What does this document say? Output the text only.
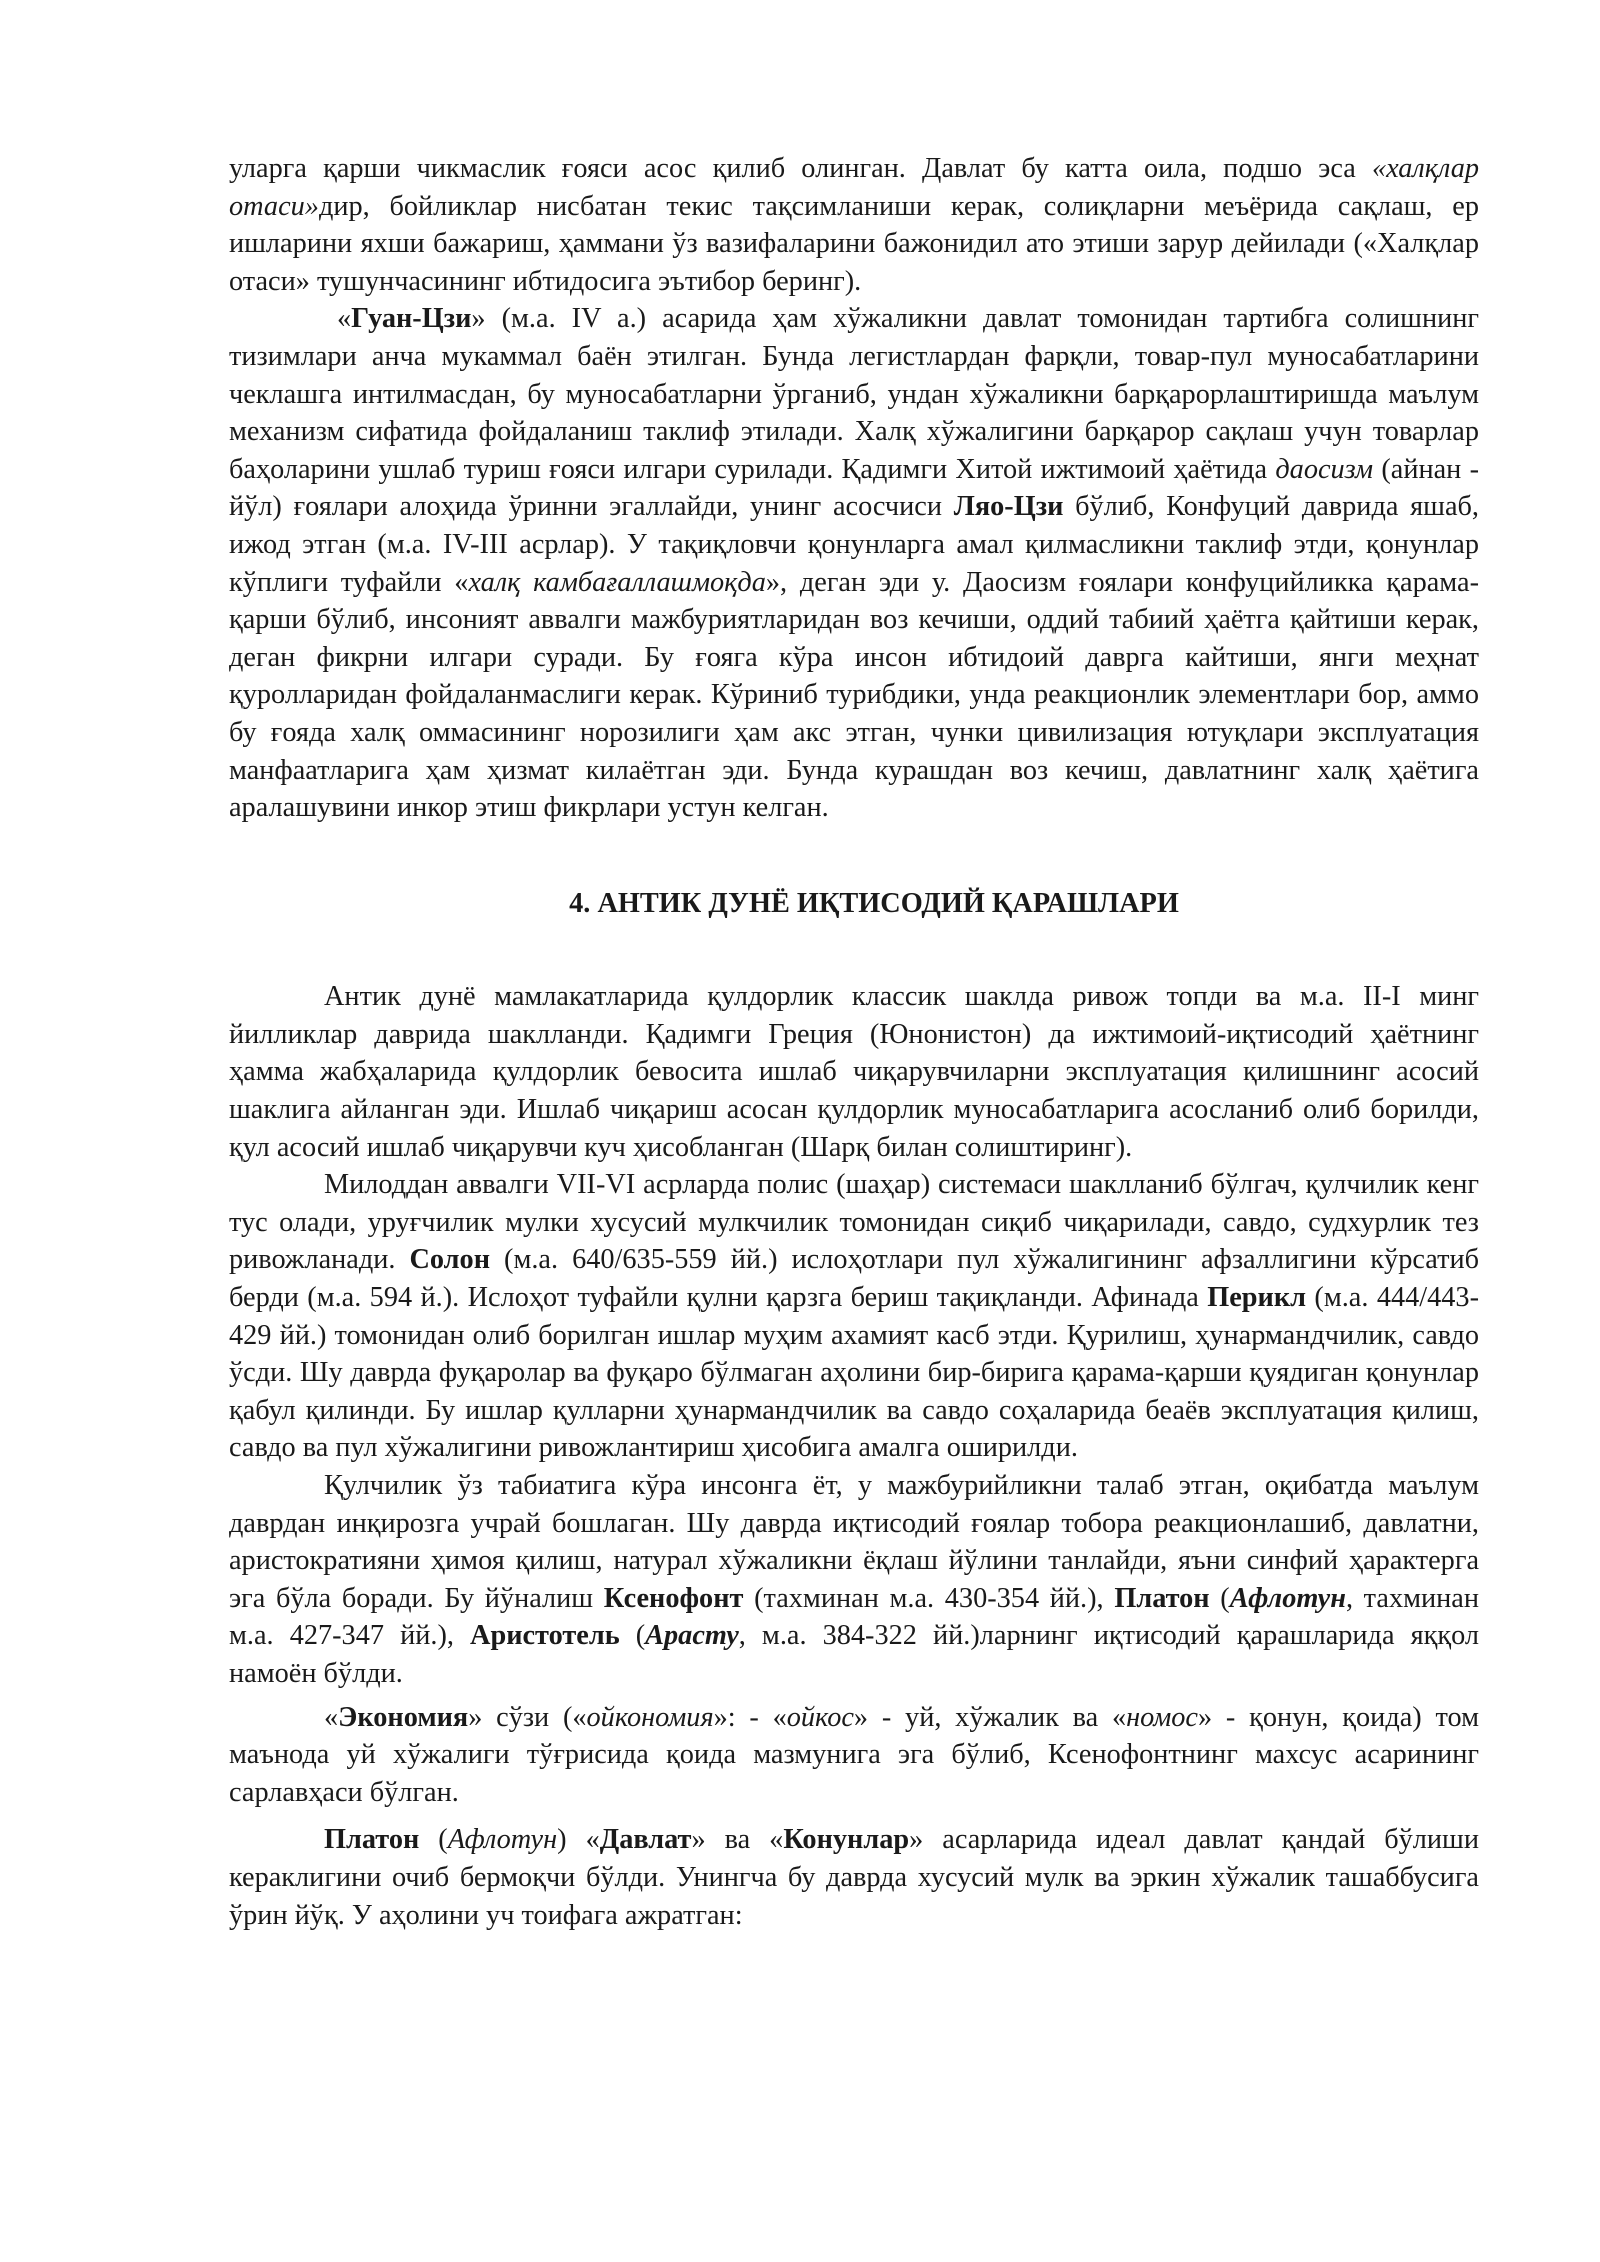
уларга қарши чикмаслик ғояси асос қилиб олинган. Давлат бу катта оила, подшо эса «халқлар отаси»дир, бойликлар нисбатан текис тақсимланиши керак, солиқларни меъёрида сақлаш, ер ишларини яхши бажариш, ҳаммани ўз вазифаларини бажонидил ато этиши зарур дейилади («Халқлар отаси» тушунчасининг ибтидосига эътибор беринг).

«Гуан-Цзи» (м.а. IV а.) асарида ҳам хўжаликни давлат томонидан тартибга солишнинг тизимлари анча мукаммал баён этилган. Бунда легистлардан фарқли, товар-пул муносабатларини чеклашга интилмасдан, бу муносабатларни ўрганиб, ундан хўжаликни барқарорлаштиришда маълум механизм сифатида фойдаланиш таклиф этилади. Халқ хўжалигини барқарор сақлаш учун товарлар баҳоларини ушлаб туриш ғояси илгари сурилади. Қадимги Хитой ижтимоий ҳаётида даосизм (айнан - йўл) ғоялари алоҳида ўринни эгаллайди, унинг асосчиси Ляо-Цзи бўлиб, Конфуций даврида яшаб, ижод этган (м.а. IV-III асрлар). У тақиқловчи қонунларга амал қилмасликни таклиф этди, қонунлар кўплиги туфайли «халқ камбағаллашмоқда», деган эди у. Даосизм ғоялари конфуцийликка қарама-қарши бўлиб, инсоният аввалги мажбуриятларидан воз кечиши, оддий табиий ҳаётга қайтиши керак, деган фикрни илгари суради. Бу ғояга кўра инсон ибтидоий даврга кайтиши, янги меҳнат қуролларидан фойдаланмаслиги керак. Кўриниб турибдики, унда реакционлик элементлари бор, аммо бу ғояда халқ оммасининг норозилиги ҳам акс этган, чунки цивилизация ютуқлари эксплуатация манфаатларига ҳам ҳизмат килаётган эди. Бунда курашдан воз кечиш, давлатнинг халқ ҳаётига аралашувини инкор этиш фикрлари устун келган.

4. АНТИК ДУНЁ ИҚТИСОДИЙ ҚАРАШЛАРИ

Антик дунё мамлакатларида қулдорлик классик шаклда ривож топди ва м.а. II-I минг йилликлар даврида шаклланди. Қадимги Греция (Юнонистон) да ижтимоий-иқтисодий ҳаётнинг ҳамма жабҳаларида қулдорлик бевосита ишлаб чиқарувчиларни эксплуатация қилишнинг асосий шаклига айланган эди. Ишлаб чиқариш асосан қулдорлик муносабатларига асосланиб олиб борилди, қул асосий ишлаб чиқарувчи куч ҳисобланган (Шарқ билан солиштиринг).

Милоддан аввалги VII-VI асрларда полис (шаҳар) системаси шаклланиб бўлгач, қулчилик кенг тус олади, уруғчилик мулки хусусий мулкчилик томонидан сиқиб чиқарилади, савдо, судхурлик тез ривожланади. Солон (м.а. 640/635-559 йй.) ислоҳотлари пул хўжалигининг афзаллигини кўрсатиб берди (м.а. 594 й.). Ислоҳот туфайли қулни қарзга бериш тақиқланди. Афинада Перикл (м.а. 444/443-429 йй.) томонидан олиб борилган ишлар муҳим ахамият касб этди. Қурилиш, ҳунармандчилик, савдо ўсди. Шу даврда фуқаролар ва фуқаро бўлмаган аҳолини бир-бирига қарама-қарши қуядиган қонунлар қабул қилинди. Бу ишлар қулларни ҳунармандчилик ва савдо соҳаларида беаёв эксплуатация қилиш, савдо ва пул хўжалигини ривожлантириш ҳисобига амалга оширилди.

Қулчилик ўз табиатига кўра инсонга ёт, у мажбурийликни талаб этган, оқибатда маълум даврдан инқирозга учрай бошлаган. Шу даврда иқтисодий ғоялар тобора реакционлашиб, давлатни, аристократияни ҳимоя қилиш, натурал хўжаликни ёқлаш йўлини танлайди, яъни синфий ҳарактерга эга бўла боради. Бу йўналиш Ксенофонт (тахминан м.а. 430-354 йй.), Платон (Афлотун, тахминан м.а. 427-347 йй.), Аристотель (Арасту, м.а. 384-322 йй.)ларнинг иқтисодий қарашларида яққол намоён бўлди.

«Экономия» сўзи («ойкономия»: - «ойкос» - уй, хўжалик ва «номос» - қонун, қоида) том маънода уй хўжалиги тўғрисида қоида мазмунига эга бўлиб, Ксенофонтнинг махсус асарининг сарлавҳаси бўлган.

Платон (Афлотун) «Давлат» ва «Конунлар» асарларида идеал давлат қандай бўлиши кераклигини очиб бермоқчи бўлди. Унингча бу даврда хусусий мулк ва эркин хўжалик ташаббусига ўрин йўқ. У аҳолини уч тоифага ажратган:
